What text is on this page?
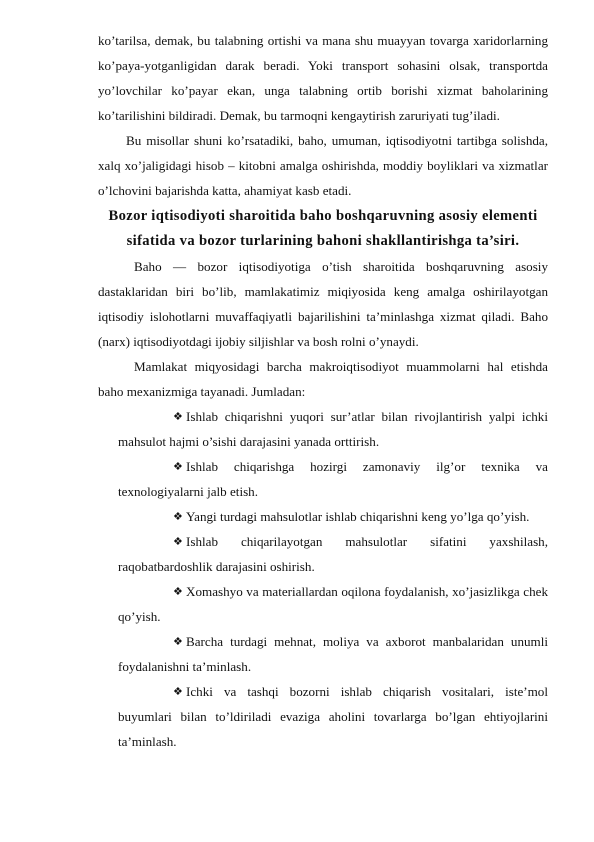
ko’tarilsa, demak, bu talabning ortishi va mana shu muayyan tovarga xaridorlarning ko’paya-yotganligidan darak beradi. Yoki transport sohasini olsak, transportda yo’lovchilar ko’payar ekan, unga talabning ortib borishi xizmat baholarining ko’tarilishini bildiradi. Demak, bu tarmoqni kengaytirish zaruriyati tug’iladi.

Bu misollar shuni ko’rsatadiki, baho, umuman, iqtisodiyotni tartibga solishda, xalq xo’jaligidagi hisob – kitobni amalga oshirishda, moddiy boyliklari va xizmatlar o’lchovini bajarishda katta, ahamiyat kasb etadi.

Bozor iqtisodiyoti sharoitida baho boshqaruvning asosiy elementi sifatida va bozor turlarining bahoni shakllantirishga ta’siri.

Baho — bozor iqtisodiyotiga o’tish sharoitida boshqaruvning asosiy dastaklaridan biri bo’lib, mamlakatimiz miqiyosida keng amalga oshirilayotgan iqtisodiy islohotlarni muvaffaqiyatli bajarilishini ta’minlashga xizmat qiladi. Baho (narx) iqtisodiyotdagi ijobiy siljishlar va bosh rolni o’ynaydi.

Mamlakat miqyosidagi barcha makroiqtisodiyot muammolarni hal etishda baho mexanizmiga tayanadi. Jumladan:

❖ Ishlab chiqarishni yuqori sur’atlar bilan rivojlantirish yalpi ichki mahsulot hajmi o’sishi darajasini yanada orttirish.
❖ Ishlab chiqarishga hozirgi zamonaviy ilg’or texnika va texnologiyalarni jalb etish.
❖ Yangi turdagi mahsulotlar ishlab chiqarishni keng yo’lga qo’yish.
❖ Ishlab chiqarilayotgan mahsulotlar sifatini yaxshilash, raqobatbardoshlik darajasini oshirish.
❖ Xomashyo va materiallardan oqilona foydalanish, xo’jasizlikga chek qo’yish.
❖ Barcha turdagi mehnat, moliya va axborot manbalaridan unumli foydalanishni ta’minlash.
❖ Ichki va tashqi bozorni ishlab chiqarish vositalari, iste’mol buyumlari bilan to’ldiriladi evaziga aholini tovarlarga bo’lgan ehtiyojlarini ta’minlash.
